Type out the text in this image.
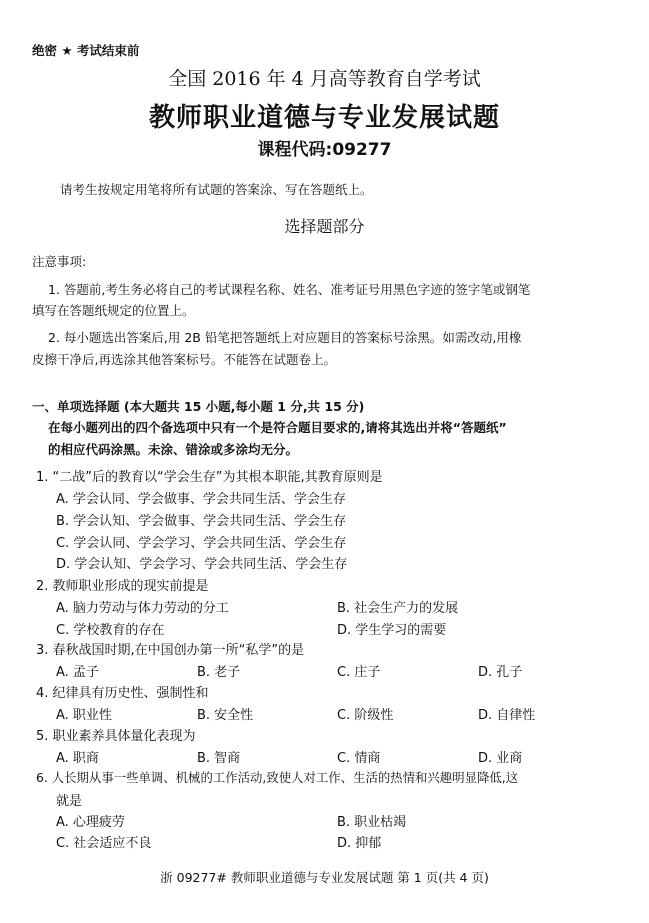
绝密 ★ 考试结束前
全国 2016 年 4 月高等教育自学考试
教师职业道德与专业发展试题
课程代码:09277
请考生按规定用笔将所有试题的答案涂、写在答题纸上。
选择题部分
注意事项:
1. 答题前,考生务必将自己的考试课程名称、姓名、准考证号用黑色字迹的签字笔或钢笔
填写在答题纸规定的位置上。
2. 每小题选出答案后,用 2B 铅笔把答题纸上对应题目的答案标号涂黑。如需改动,用橡
皮擦干净后,再选涂其他答案标号。不能答在试题卷上。
一、单项选择题 (本大题共 15 小题,每小题 1 分,共 15 分)
在每小题列出的四个备选项中只有一个是符合题目要求的,请将其选出并将“答题纸”
的相应代码涂黑。未涂、错涂或多涂均无分。
1. “二战”后的教育以“学会生存”为其根本职能,其教育原则是
A. 学会认同、学会做事、学会共同生活、学会生存
B. 学会认知、学会做事、学会共同生活、学会生存
C. 学会认同、学会学习、学会共同生活、学会生存
D. 学会认知、学会学习、学会共同生活、学会生存
2. 教师职业形成的现实前提是
A. 脑力劳动与体力劳动的分工	B. 社会生产力的发展
C. 学校教育的存在	D. 学生学习的需要
3. 春秋战国时期,在中国创办第一所“私学”的是
A. 孟子	B. 老子	C. 庄子	D. 孔子
4. 纪律具有历史性、强制性和
A. 职业性	B. 安全性	C. 阶级性	D. 自律性
5. 职业素养具体量化表现为
A. 职商	B. 智商	C. 情商	D. 业商
6. 人长期从事一些单调、机械的工作活动,致使人对工作、生活的热情和兴趣明显降低,这
就是
A. 心理疲劳	B. 职业枯竭
C. 社会适应不良	D. 抑郁
浙 09277# 教师职业道德与专业发展试题 第 1 页(共 4 页)
